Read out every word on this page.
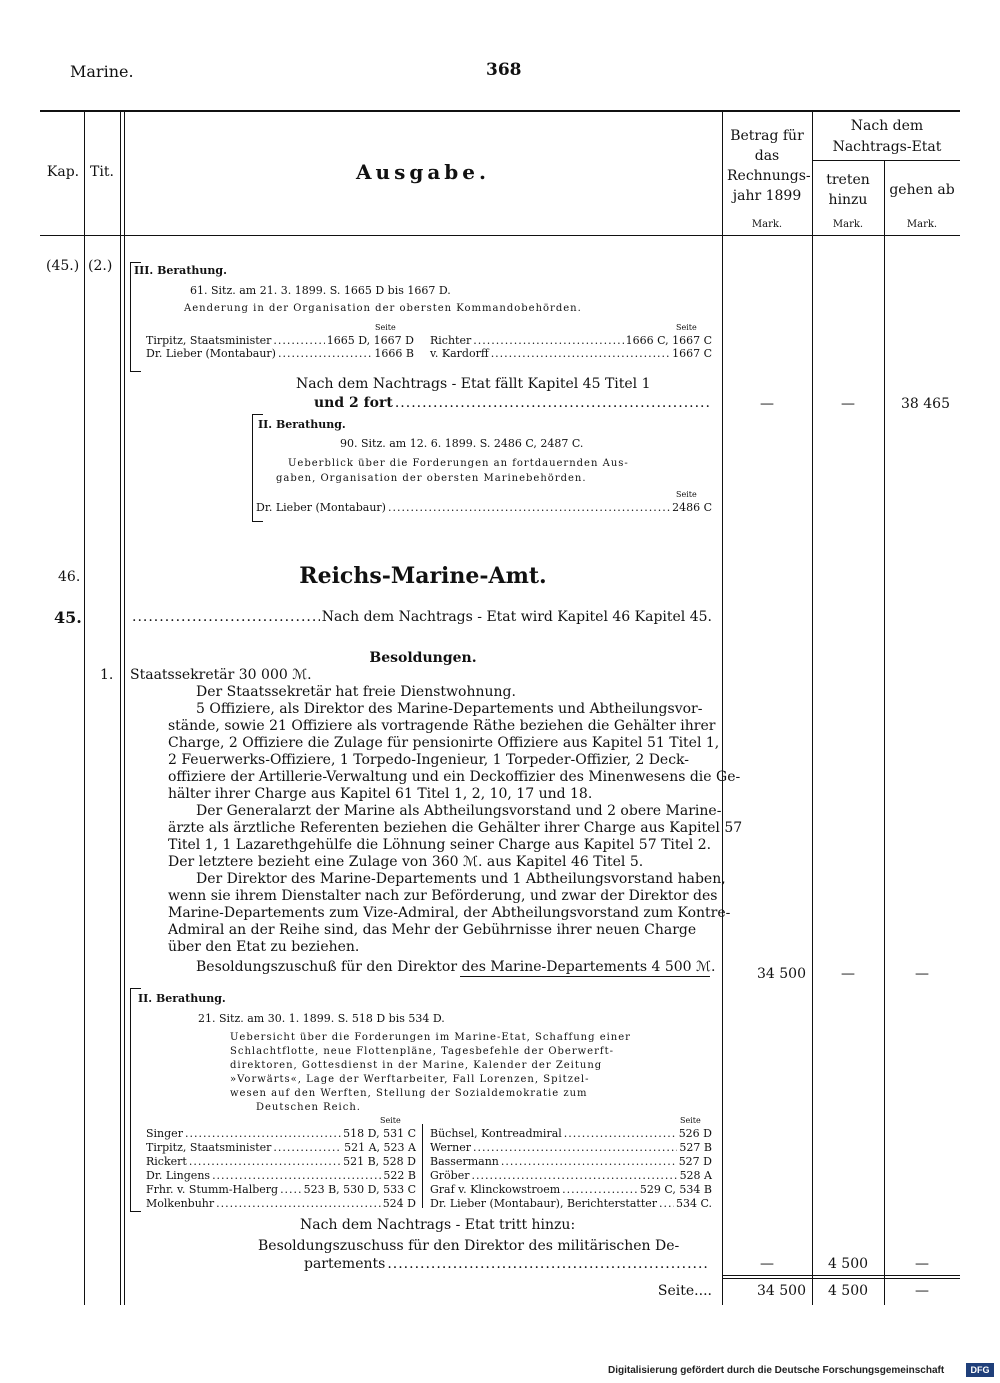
Marine.	368
Kap. Tit.	Ausgabe.
Betrag für das Rechnungs- jahr 1899
Nach dem Nachtrags-Etat
treten hinzu
gehen ab
Mark.	Mark.	Mark.
(45.) (2.) III. Berathung.
61. Sitz. am 21. 3. 1899. S. 1665 D bis 1667 D.
Aenderung in der Organisation der obersten Kommandobehörden.
Seite	Seite
Tirpitz, Staatsminister .....	1665 D, 1667 D
Dr. Lieber (Montabaur) .....	1666 B
Richter .....	1666 C, 1667 C
v. Kardorff .....	1667 C
Nach dem Nachtrags - Etat fällt Kapitel 45 Titel 1
und 2 fort .....	—	—	38 465
II. Berathung.
90. Sitz. am 12. 6. 1899. S. 2486 C, 2487 C.
Ueberblick über die Forderungen an fortdauernden Aus-
gaben, Organisation der obersten Marinebehörden.
Seite
Dr. Lieber (Montabaur) .....	2486 C
46.
45.
Reichs-Marine-Amt.
.....
Nach dem Nachtrags - Etat wird Kapitel 46 Kapitel 45.
Besoldungen.
1. Staatssekretär 30 000 ℳ.
Der Staatssekretär hat freie Dienstwohnung.
5 Offiziere, als Direktor des Marine-Departements und Abtheilungsvor-
stände, sowie 21 Offiziere als vortragende Räthe beziehen die Gehälter ihrer
Charge, 2 Offiziere die Zulage für pensionirte Offiziere aus Kapitel 51 Titel 1,
2 Feuerwerks-Offiziere, 1 Torpedo-Ingenieur, 1 Torpeder-Offizier, 2 Deck-
offiziere der Artillerie-Verwaltung und ein Deckoffizier des Minenwesens die Ge-
hälter ihrer Charge aus Kapitel 61 Titel 1, 2, 10, 17 und 18.
Der Generalarzt der Marine als Abtheilungsvorstand und 2 obere Marine-
ärzte als ärztliche Referenten beziehen die Gehälter ihrer Charge aus Kapitel 57
Titel 1, 1 Lazarethgehülfe die Löhnung seiner Charge aus Kapitel 57 Titel 2.
Der letztere bezieht eine Zulage von 360 ℳ. aus Kapitel 46 Titel 5.
Der Direktor des Marine-Departements und 1 Abtheilungsvorstand haben,
wenn sie ihrem Dienstalter nach zur Beförderung, und zwar der Direktor des
Marine-Departements zum Vize-Admiral, der Abtheilungsvorstand zum Kontre-
Admiral an der Reihe sind, das Mehr der Gebührnisse ihrer neuen Charge
über den Etat zu beziehen.
Besoldungszuschuß für den Direktor des Marine-Departements 4 500 ℳ.	34 500	—	—
II. Berathung.
21. Sitz. am 30. 1. 1899. S. 518 D bis 534 D.
Uebersicht über die Forderungen im Marine-Etat, Schaffung einer
Schlachtflotte, neue Flottenpläne, Tagesbefehle der Oberwerft-
direktoren, Gottesdienst in der Marine, Kalender der Zeitung
»Vorwärts«, Lage der Werftarbeiter, Fall Lorenzen, Spitzel-
wesen auf den Werften, Stellung der Sozialdemokratie zum
Deutschen Reich.
Seite	Seite
Singer .....	518 D, 531 C
Tirpitz, Staatsminister .....	521 A, 523 A
Rickert .....	521 B, 528 D
Dr. Lingens .....	522 B
Frhr. v. Stumm-Halberg ..... 523 B, 530 D, 533 C
Molkenbuhr .....	524 D
Büchsel, Kontreadmiral .....	526 D
Werner .....	527 B
Bassermann .....	527 D
Gröber .....	528 A
Graf v. Klinckowstroem .....	529 C, 534 B
Dr. Lieber (Montabaur), Berichterstatter ..... 534 C.
Nach dem Nachtrags - Etat tritt hinzu:
Besoldungszuschuss für den Direktor des militärischen De-
partements .....	—	4 500	—
Seite....	34 500	4 500	—
Digitalisierung gefördert durch die Deutsche Forschungsgemeinschaft	DFG
